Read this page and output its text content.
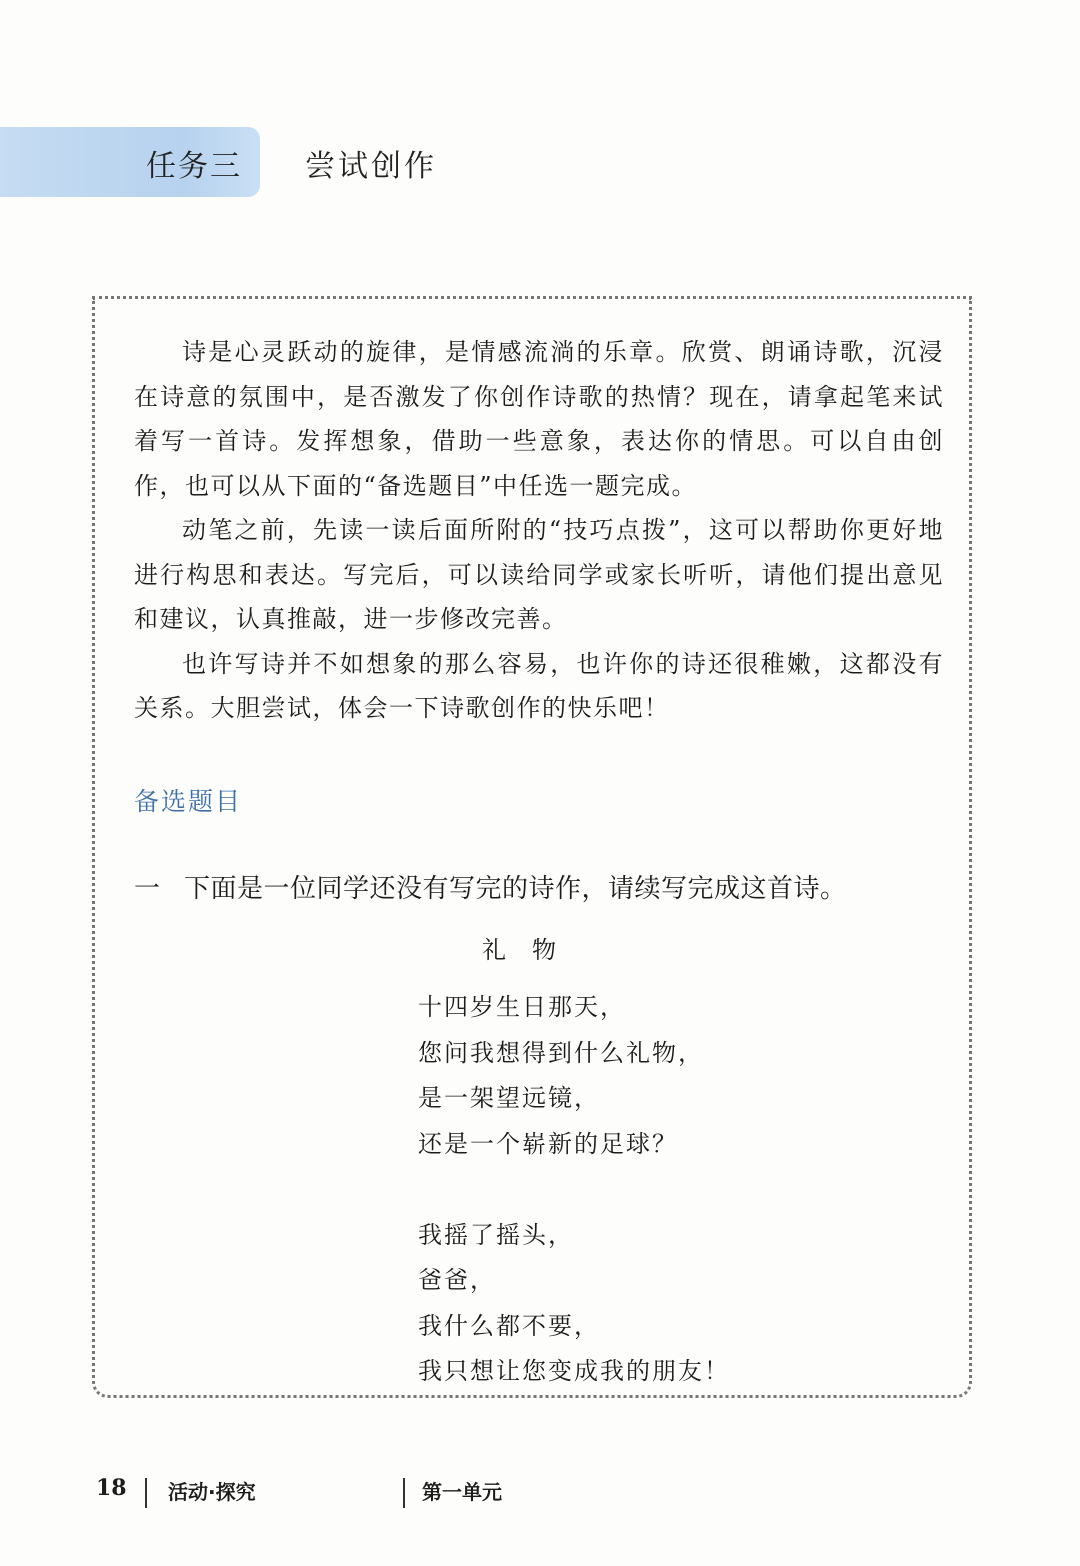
任务三 尝试创作

诗是心灵跃动的旋律，是情感流淌的乐章。欣赏、朗诵诗歌，沉浸在诗意的氛围中，是否激发了你创作诗歌的热情？现在，请拿起笔来试着写一首诗。发挥想象，借助一些意象，表达你的情思。可以自由创作，也可以从下面的“备选题目”中任选一题完成。

动笔之前，先读一读后面所附的“技巧点拨”，这可以帮助你更好地进行构思和表达。写完后，可以读给同学或家长听听，请他们提出意见和建议，认真推敲，进一步修改完善。

也许写诗并不如想象的那么容易，也许你的诗还很稚嫩，这都没有关系。大胆尝试，体会一下诗歌创作的快乐吧！

备选题目
一 下面是一位同学还没有写完的诗作，请续写完成这首诗。
礼物
十四岁生日那天，
您问我想得到什么礼物，
是一架望远镜，
还是一个崭新的足球？
我摇了摇头，
爸爸，
我什么都不要，
我只想让您变成我的朋友！
18 活动·探究	第一单元
